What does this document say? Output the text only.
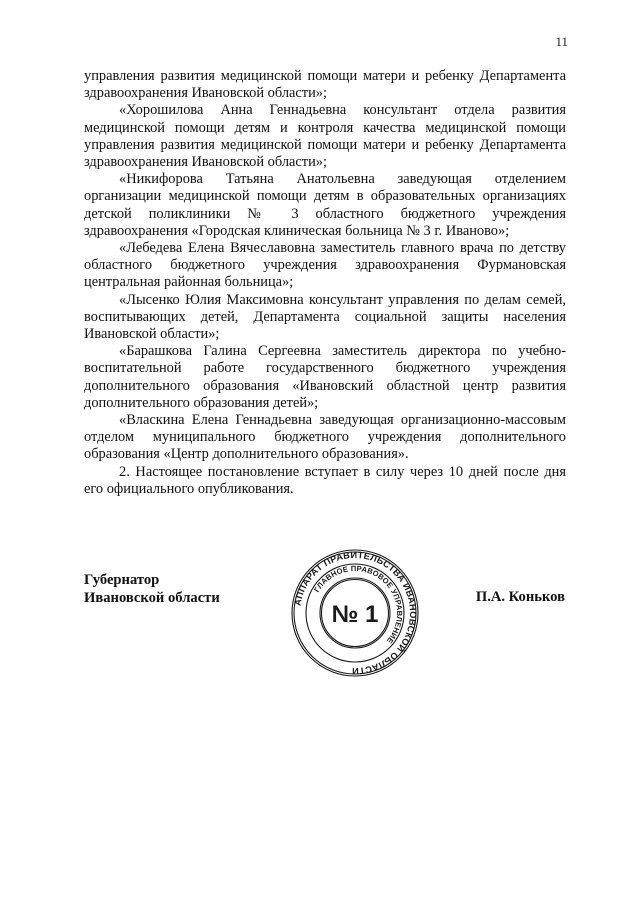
11

управления развития медицинской помощи матери и ребенку Департамента здравоохранения Ивановской области»;

«Хорошилова Анна Геннадьевна консультант отдела развития медицинской помощи детям и контроля качества медицинской помощи управления развития медицинской помощи матери и ребенку Департамента здравоохранения Ивановской области»;

«Никифорова Татьяна Анатольевна заведующая отделением организации медицинской помощи детям в образовательных организациях детской поликлиники № 3 областного бюджетного учреждения здравоохранения «Городская клиническая больница № 3 г. Иваново»;

«Лебедева Елена Вячеславовна заместитель главного врача по детству областного бюджетного учреждения здравоохранения Фурмановская центральная районная больница»;

«Лысенко Юлия Максимовна консультант управления по делам семей, воспитывающих детей, Департамента социальной защиты населения Ивановской области»;

«Барашкова Галина Сергеевна заместитель директора по учебно-воспитательной работе государственного бюджетного учреждения дополнительного образования «Ивановский областной центр развития дополнительного образования детей»;

«Власкина Елена Геннадьевна заведующая организационно-массовым отделом муниципального бюджетного учреждения дополнительного образования «Центр дополнительного образования».

2. Настоящее постановление вступает в силу через 10 дней после дня его официального опубликования.

Губернатор
Ивановской области	АППАРАТ ПРАВИТЕЛЬСТВА ИВАНОВСКОЙ ОБЛАСТИ
ГЛАВНОЕ ПРАВОВОЕ УПРАВЛЕНИЕ
№ 1
П.А. Коньков
